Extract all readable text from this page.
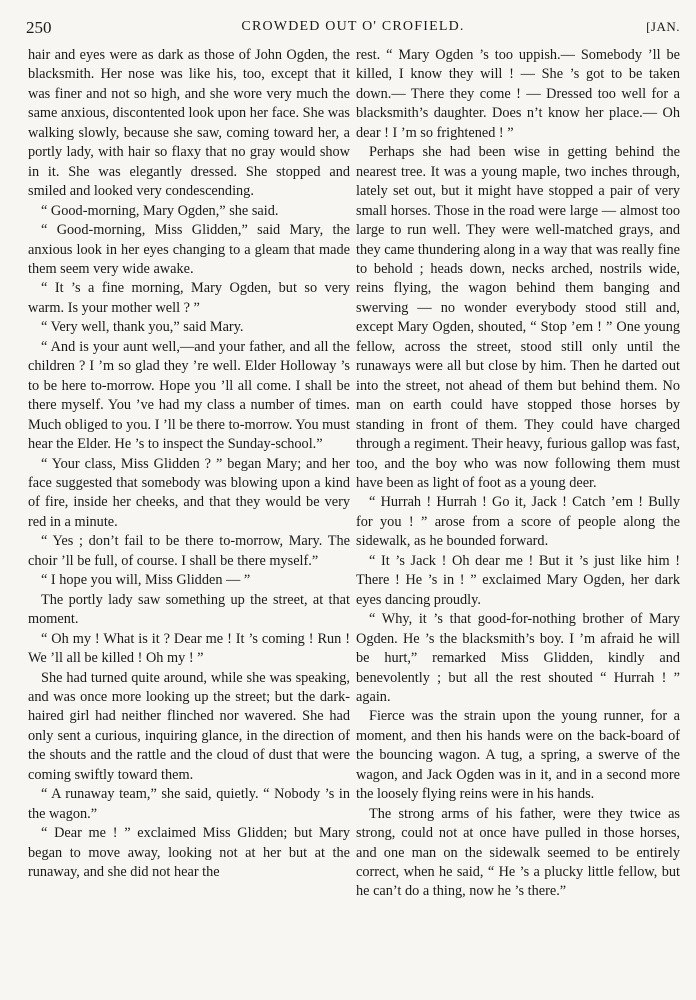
250	CROWDED OUT O' CROFIELD.	[JAN.

hair and eyes were as dark as those of John Ogden, the blacksmith. Her nose was like his, too, except that it was finer and not so high, and she wore very much the same anxious, discontented look upon her face. She was walking slowly, because she saw, coming toward her, a portly lady, with hair so flaxy that no gray would show in it. She was elegantly dressed. She stopped and smiled and looked very condescending.

“ Good-morning, Mary Ogden,” she said.

“ Good-morning, Miss Glidden,” said Mary, the anxious look in her eyes changing to a gleam that made them seem very wide awake.

“ It ’s a fine morning, Mary Ogden, but so very warm. Is your mother well ? ”

“ Very well, thank you,” said Mary.

“ And is your aunt well,—and your father, and all the children ? I ’m so glad they ’re well. Elder Holloway ’s to be here to-morrow. Hope you ’ll all come. I shall be there myself. You ’ve had my class a number of times. Much obliged to you. I ’ll be there to-morrow. You must hear the Elder. He ’s to inspect the Sunday-school.”

“ Your class, Miss Glidden ? ” began Mary; and her face suggested that somebody was blowing upon a kind of fire, inside her cheeks, and that they would be very red in a minute.

“ Yes ; don’t fail to be there to-morrow, Mary. The choir ’ll be full, of course. I shall be there myself.”

“ I hope you will, Miss Glidden — ”

The portly lady saw something up the street, at that moment.

“ Oh my ! What is it ? Dear me ! It ’s coming ! Run ! We ’ll all be killed ! Oh my ! ”

She had turned quite around, while she was speaking, and was once more looking up the street; but the dark-haired girl had neither flinched nor wavered. She had only sent a curious, inquiring glance, in the direction of the shouts and the rattle and the cloud of dust that were coming swiftly toward them.

“ A runaway team,” she said, quietly. “ Nobody ’s in the wagon.”

“ Dear me ! ” exclaimed Miss Glidden; but Mary began to move away, looking not at her but at the runaway, and she did not hear the

rest. “ Mary Ogden ’s too uppish.— Somebody ’ll be killed, I know they will ! — She ’s got to be taken down.— There they come ! — Dressed too well for a blacksmith’s daughter. Does n’t know her place.— Oh dear ! I ’m so frightened ! ”

Perhaps she had been wise in getting behind the nearest tree. It was a young maple, two inches through, lately set out, but it might have stopped a pair of very small horses. Those in the road were large — almost too large to run well. They were well-matched grays, and they came thundering along in a way that was really fine to behold ; heads down, necks arched, nostrils wide, reins flying, the wagon behind them banging and swerving — no wonder everybody stood still and, except Mary Ogden, shouted, “ Stop ’em ! ” One young fellow, across the street, stood still only until the runaways were all but close by him. Then he darted out into the street, not ahead of them but behind them. No man on earth could have stopped those horses by standing in front of them. They could have charged through a regiment. Their heavy, furious gallop was fast, too, and the boy who was now following them must have been as light of foot as a young deer.

“ Hurrah ! Hurrah ! Go it, Jack ! Catch ’em ! Bully for you ! ” arose from a score of people along the sidewalk, as he bounded forward.

“ It ’s Jack ! Oh dear me ! But it ’s just like him ! There ! He ’s in ! ” exclaimed Mary Ogden, her dark eyes dancing proudly.

“ Why, it ’s that good-for-nothing brother of Mary Ogden. He ’s the blacksmith’s boy. I ’m afraid he will be hurt,” remarked Miss Glidden, kindly and benevolently ; but all the rest shouted “ Hurrah ! ” again.

Fierce was the strain upon the young runner, for a moment, and then his hands were on the back-board of the bouncing wagon. A tug, a spring, a swerve of the wagon, and Jack Ogden was in it, and in a second more the loosely flying reins were in his hands.

The strong arms of his father, were they twice as strong, could not at once have pulled in those horses, and one man on the sidewalk seemed to be entirely correct, when he said, “ He ’s a plucky little fellow, but he can’t do a thing, now he ’s there.”
